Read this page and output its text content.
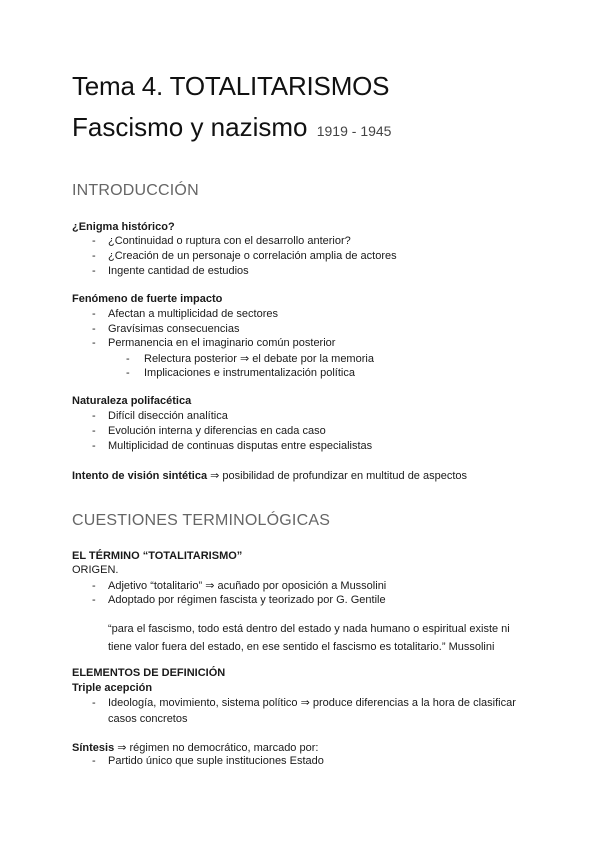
Tema 4. TOTALITARISMOS
Fascismo y nazismo 1919 - 1945
INTRODUCCIÓN
¿Enigma histórico?
- ¿Continuidad o ruptura con el desarrollo anterior?
- ¿Creación de un personaje o correlación amplia de actores
- Ingente cantidad de estudios
Fenómeno de fuerte impacto
- Afectan a multiplicidad de sectores
- Gravísimas consecuencias
- Permanencia en el imaginario común posterior
- Relectura posterior ⇒ el debate por la memoria
- Implicaciones e instrumentalización política
Naturaleza polifacética
- Difícil disección analítica
- Evolución interna y diferencias en cada caso
- Multiplicidad de continuas disputas entre especialistas
Intento de visión sintética ⇒ posibilidad de profundizar en multitud de aspectos
CUESTIONES TERMINOLÓGICAS
EL TÉRMINO “TOTALITARISMO”
ORIGEN.
- Adjetivo “totalitario” ⇒ acuñado por oposición a Mussolini
- Adoptado por régimen fascista y teorizado por G. Gentile
“para el fascismo, todo está dentro del estado y nada humano o espiritual existe ni tiene valor fuera del estado, en ese sentido el fascismo es totalitario.” Mussolini
ELEMENTOS DE DEFINICIÓN
Triple acepción
- Ideología, movimiento, sistema político ⇒ produce diferencias a la hora de clasificar
casos concretos
Síntesis ⇒ régimen no democrático, marcado por:
- Partido único que suple instituciones Estado
